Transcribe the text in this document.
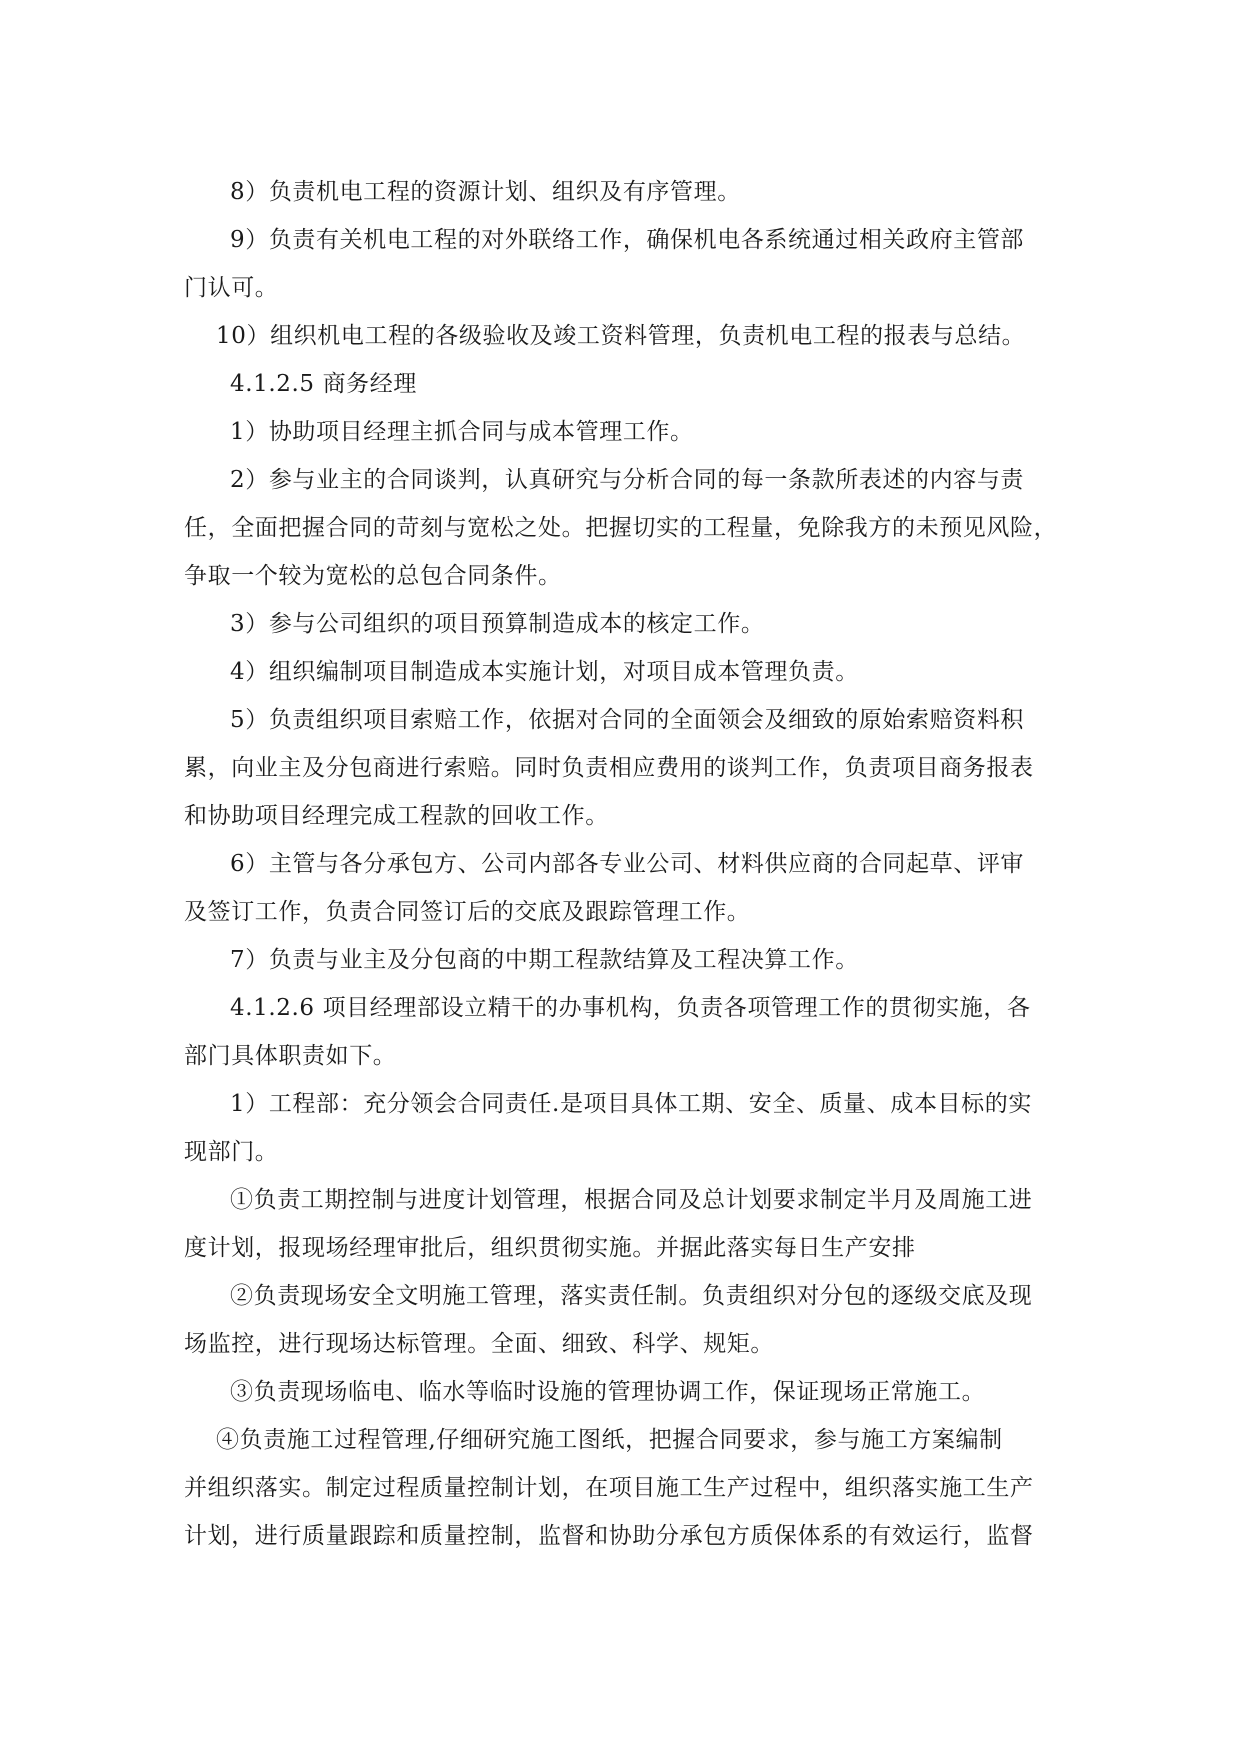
8）负责机电工程的资源计划、组织及有序管理。

9）负责有关机电工程的对外联络工作，确保机电各系统通过相关政府主管部
门认可。

10）组织机电工程的各级验收及竣工资料管理，负责机电工程的报表与总结。

4.1.2.5 商务经理

1）协助项目经理主抓合同与成本管理工作。

2）参与业主的合同谈判，认真研究与分析合同的每一条款所表述的内容与责
任，全面把握合同的苛刻与宽松之处。把握切实的工程量，免除我方的未预见风险，
争取一个较为宽松的总包合同条件。

3）参与公司组织的项目预算制造成本的核定工作。

4）组织编制项目制造成本实施计划，对项目成本管理负责。

5）负责组织项目索赔工作，依据对合同的全面领会及细致的原始索赔资料积
累，向业主及分包商进行索赔。同时负责相应费用的谈判工作，负责项目商务报表
和协助项目经理完成工程款的回收工作。

6）主管与各分承包方、公司内部各专业公司、材料供应商的合同起草、评审
及签订工作，负责合同签订后的交底及跟踪管理工作。

7）负责与业主及分包商的中期工程款结算及工程决算工作。

4.1.2.6 项目经理部设立精干的办事机构，负责各项管理工作的贯彻实施，各
部门具体职责如下。

1）工程部：充分领会合同责任.是项目具体工期、安全、质量、成本目标的实
现部门。

①负责工期控制与进度计划管理，根据合同及总计划要求制定半月及周施工进
度计划，报现场经理审批后，组织贯彻实施。并据此落实每日生产安排

②负责现场安全文明施工管理，落实责任制。负责组织对分包的逐级交底及现
场监控，进行现场达标管理。全面、细致、科学、规矩。

③负责现场临电、临水等临时设施的管理协调工作，保证现场正常施工。

④负责施工过程管理,仔细研究施工图纸，把握合同要求，参与施工方案编制
并组织落实。制定过程质量控制计划，在项目施工生产过程中，组织落实施工生产
计划，进行质量跟踪和质量控制，监督和协助分承包方质保体系的有效运行，监督
